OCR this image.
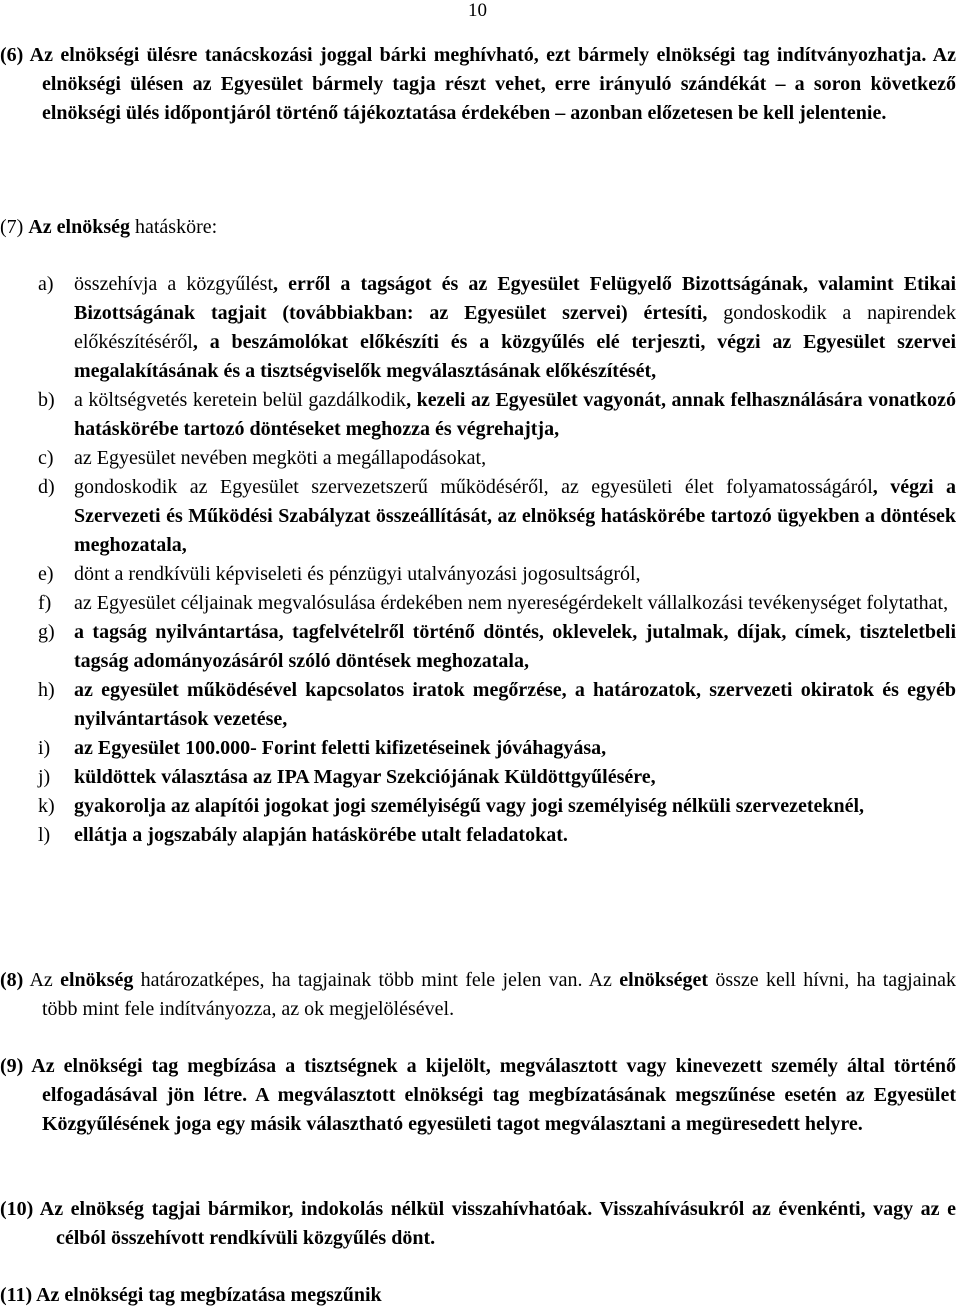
10
(6) Az elnökségi ülésre tanácskozási joggal bárki meghívható, ezt bármely elnökségi tag indítványozhatja. Az elnökségi ülésen az Egyesület bármely tagja részt vehet, erre irányuló szándékát – a soron következő elnökségi ülés időpontjáról történő tájékoztatása érdekében – azonban előzetesen be kell jelentenie.
(7) Az elnökség hatásköre:
a) összehívja a közgyűlést, erről a tagságot és az Egyesület Felügyelő Bizottságának, valamint Etikai Bizottságának tagjait (továbbiakban: az Egyesület szervei) értesíti, gondoskodik a napirendek előkészítéséről, a beszámolókat előkészíti és a közgyűlés elé terjeszti, végzi az Egyesület szervei megalakításának és a tisztségviselők megválasztásának előkészítését,
b) a költségvetés keretein belül gazdálkodik, kezeli az Egyesület vagyonát, annak felhasználására vonatkozó hatáskörébe tartozó döntéseket meghozza és végrehajtja,
c) az Egyesület nevében megköti a megállapodásokat,
d) gondoskodik az Egyesület szervezetszerű működéséről, az egyesületi élet folyamatosságáról, végzi a Szervezeti és Működési Szabályzat összeállítását, az elnökség hatáskörébe tartozó ügyekben a döntések meghozatala,
e) dönt a rendkívüli képviseleti és pénzügyi utalványozási jogosultságról,
f) az Egyesület céljainak megvalósulása érdekében nem nyereségérdekelt vállalkozási tevékenységet folytathat,
g) a tagság nyilvántartása, tagfelvételről történő döntés, oklevelek, jutalmak, díjak, címek, tiszteletbeli tagság adományozásáról szóló döntések meghozatala,
h) az egyesület működésével kapcsolatos iratok megőrzése, a határozatok, szervezeti okiratok és egyéb nyilvántartások vezetése,
i) az Egyesület 100.000- Forint feletti kifizetéseinek jóváhagyása,
j) küldöttek választása az IPA Magyar Szekciójának Küldöttgyűlésére,
k) gyakorolja az alapítói jogokat jogi személyiségű vagy jogi személyiség nélküli szervezeteknél,
l) ellátja a jogszabály alapján hatáskörébe utalt feladatokat.
(8) Az elnökség határozatképes, ha tagjainak több mint fele jelen van. Az elnökséget össze kell hívni, ha tagjainak több mint fele indítványozza, az ok megjelölésével.
(9) Az elnökségi tag megbízása a tisztségnek a kijelölt, megválasztott vagy kinevezett személy által történő elfogadásával jön létre. A megválasztott elnökségi tag megbízatásának megszűnése esetén az Egyesület Közgyűlésének joga egy másik választható egyesületi tagot megválasztani a megüresedett helyre.
(10) Az elnökség tagjai bármikor, indokolás nélkül visszahívhatóak. Visszahívásukról az évenkénti, vagy az e célból összehívott rendkívüli közgyűlés dönt.
(11) Az elnökségi tag megbízatása megszűnik
